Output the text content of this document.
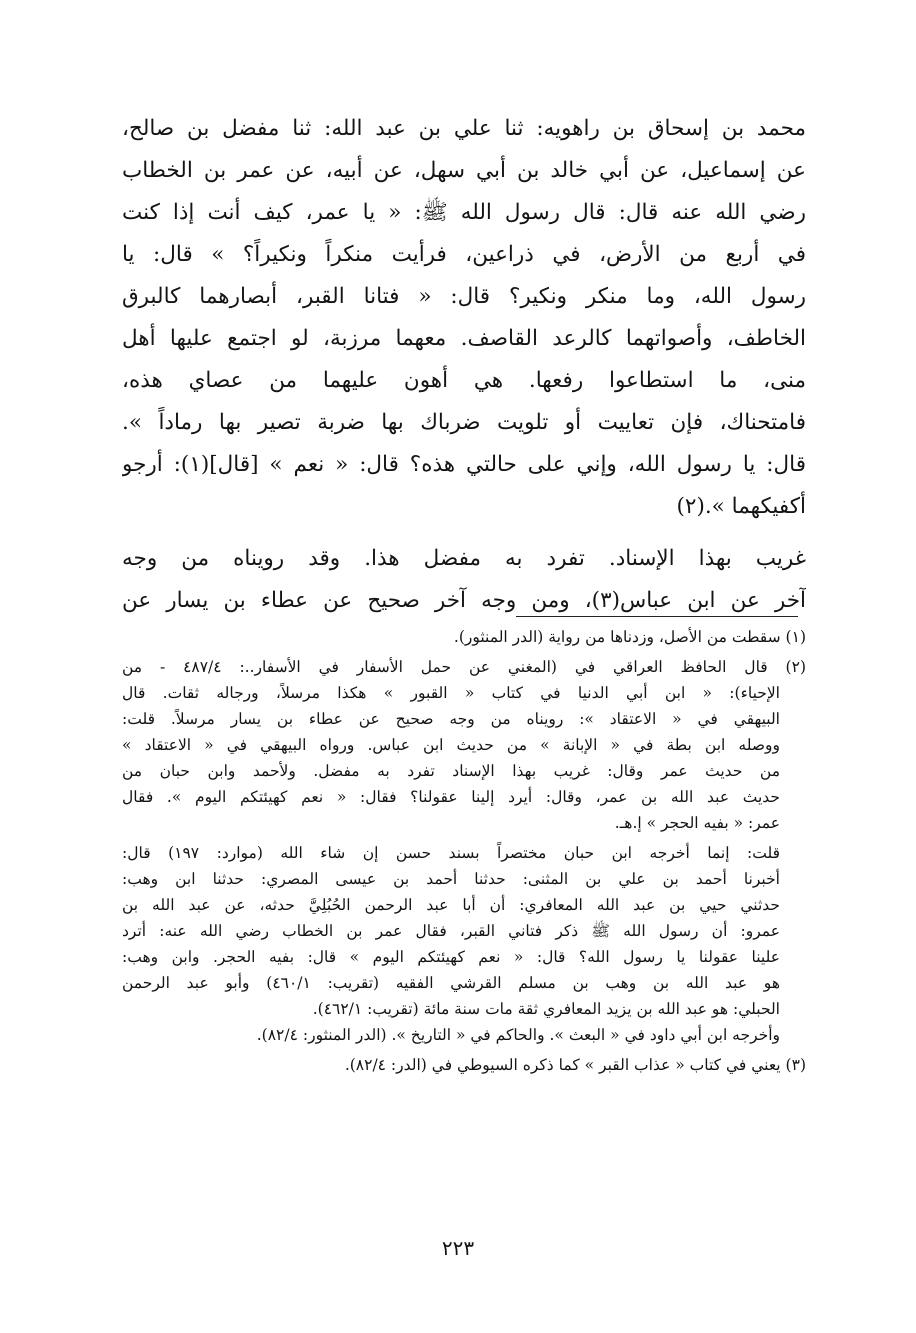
محمد بن إسحاق بن راهويه: ثنا علي بن عبد الله: ثنا مفضل بن صالح،
عن إسماعيل، عن أبي خالد بن أبي سهل، عن أبيه، عن عمر بن الخطاب
رضي الله عنه قال: قال رسول الله ﷺ: « يا عمر، كيف أنت إذا كنت
في أربع من الأرض، في ذراعين، فرأيت منكراً ونكيراً؟ » قال: يا
رسول الله، وما منكر ونكير؟ قال: « فتانا القبر، أبصارهما كالبرق
الخاطف، وأصواتهما كالرعد القاصف. معهما مرزبة، لو اجتمع عليها أهل
منى، ما استطاعوا رفعها. هي أهون عليهما من عصاي هذه،
فامتحناك، فإن تعاييت أو تلويت ضرباك بها ضربة تصير بها رماداً ».
قال: يا رسول الله، وإني على حالتي هذه؟ قال: « نعم » [قال](١): أرجو
أكفيكهما ».(٢)
غريب بهذا الإسناد. تفرد به مفضل هذا. وقد رويناه من وجه
آخر عن ابن عباس(٣)، ومن وجه آخر صحيح عن عطاء بن يسار عن
(١) سقطت من الأصل، وزدناها من رواية (الدر المنثور).
(٢) قال الحافظ العراقي في (المغني عن حمل الأسفار في الأسفار..: ٤٨٧/٤ - من
الإحياء): « ابن أبي الدنيا في كتاب « القبور » هكذا مرسلاً، ورجاله ثقات. قال
البيهقي في « الاعتقاد »: رويناه من وجه صحيح عن عطاء بن يسار مرسلاً. قلت:
ووصله ابن بطة في « الإبانة » من حديث ابن عباس. ورواه البيهقي في « الاعتقاد »
من حديث عمر وقال: غريب بهذا الإسناد تفرد به مفضل. ولأحمد وابن حبان من
حديث عبد الله بن عمر، وقال: أيرد إلينا عقولنا؟ فقال: « نعم كهيئتكم اليوم ». فقال
عمر: « بفيه الحجر » إ.هـ.
قلت: إنما أخرجه ابن حبان مختصراً بسند حسن إن شاء الله (موارد: ١٩٧) قال:
أخبرنا أحمد بن علي بن المثنى: حدثنا أحمد بن عيسى المصري: حدثنا ابن وهب:
حدثني حيي بن عبد الله المعافري: أن أبا عبد الرحمن الحُبُلِيَّ حدثه، عن عبد الله بن
عمرو: أن رسول الله ﷺ ذكر فتاني القبر، فقال عمر بن الخطاب رضي الله عنه: أترد
علينا عقولنا يا رسول الله؟ قال: « نعم كهيئتكم اليوم » قال: بفيه الحجر. وابن وهب:
هو عبد الله بن وهب بن مسلم القرشي الفقيه (تقريب: ٤٦٠/١) وأبو عبد الرحمن
الحبلي: هو عبد الله بن يزيد المعافري ثقة مات سنة مائة (تقريب: ٤٦٢/١).
وأخرجه ابن أبي داود في « البعث ». والحاكم في « التاريخ ». (الدر المنثور: ٨٢/٤).
(٣) يعني في كتاب « عذاب القبر » كما ذكره السيوطي في (الدر: ٨٢/٤).
٢٢٣
